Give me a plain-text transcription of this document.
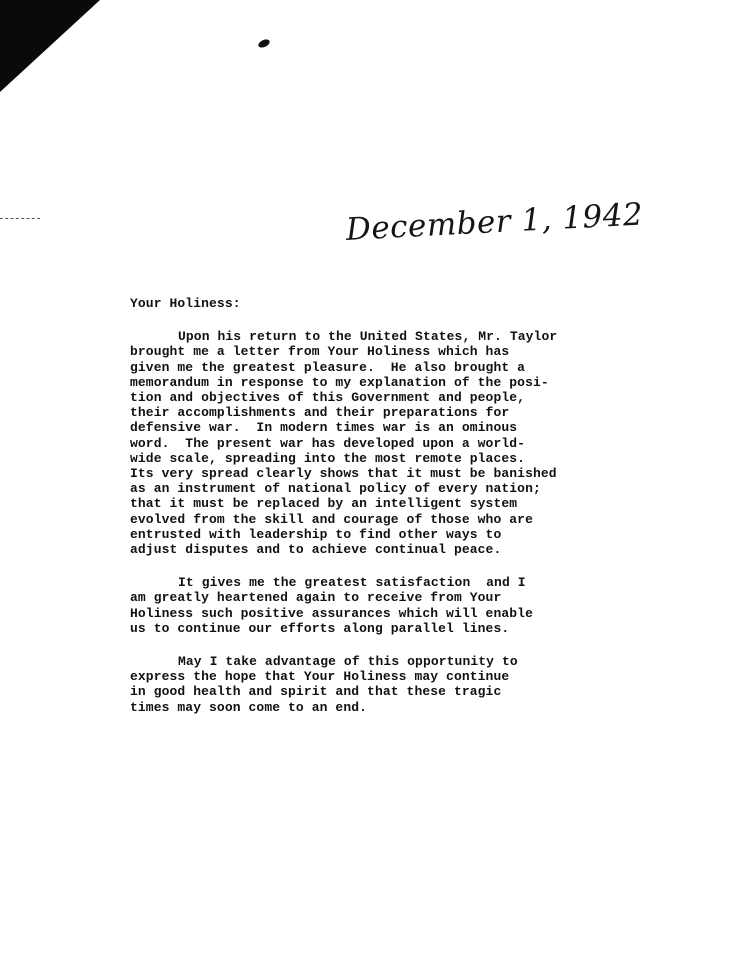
December 1, 1942
Your Holiness:
Upon his return to the United States, Mr. Taylor
brought me a letter from Your Holiness which has
given me the greatest pleasure.  He also brought a
memorandum in response to my explanation of the posi-
tion and objectives of this Government and people,
their accomplishments and their preparations for
defensive war.  In modern times war is an ominous
word.  The present war has developed upon a world-
wide scale, spreading into the most remote places.
Its very spread clearly shows that it must be banished
as an instrument of national policy of every nation;
that it must be replaced by an intelligent system
evolved from the skill and courage of those who are
entrusted with leadership to find other ways to
adjust disputes and to achieve continual peace.
It gives me the greatest satisfaction  and I
am greatly heartened again to receive from Your
Holiness such positive assurances which will enable
us to continue our efforts along parallel lines.
May I take advantage of this opportunity to
express the hope that Your Holiness may continue
in good health and spirit and that these tragic
times may soon come to an end.
